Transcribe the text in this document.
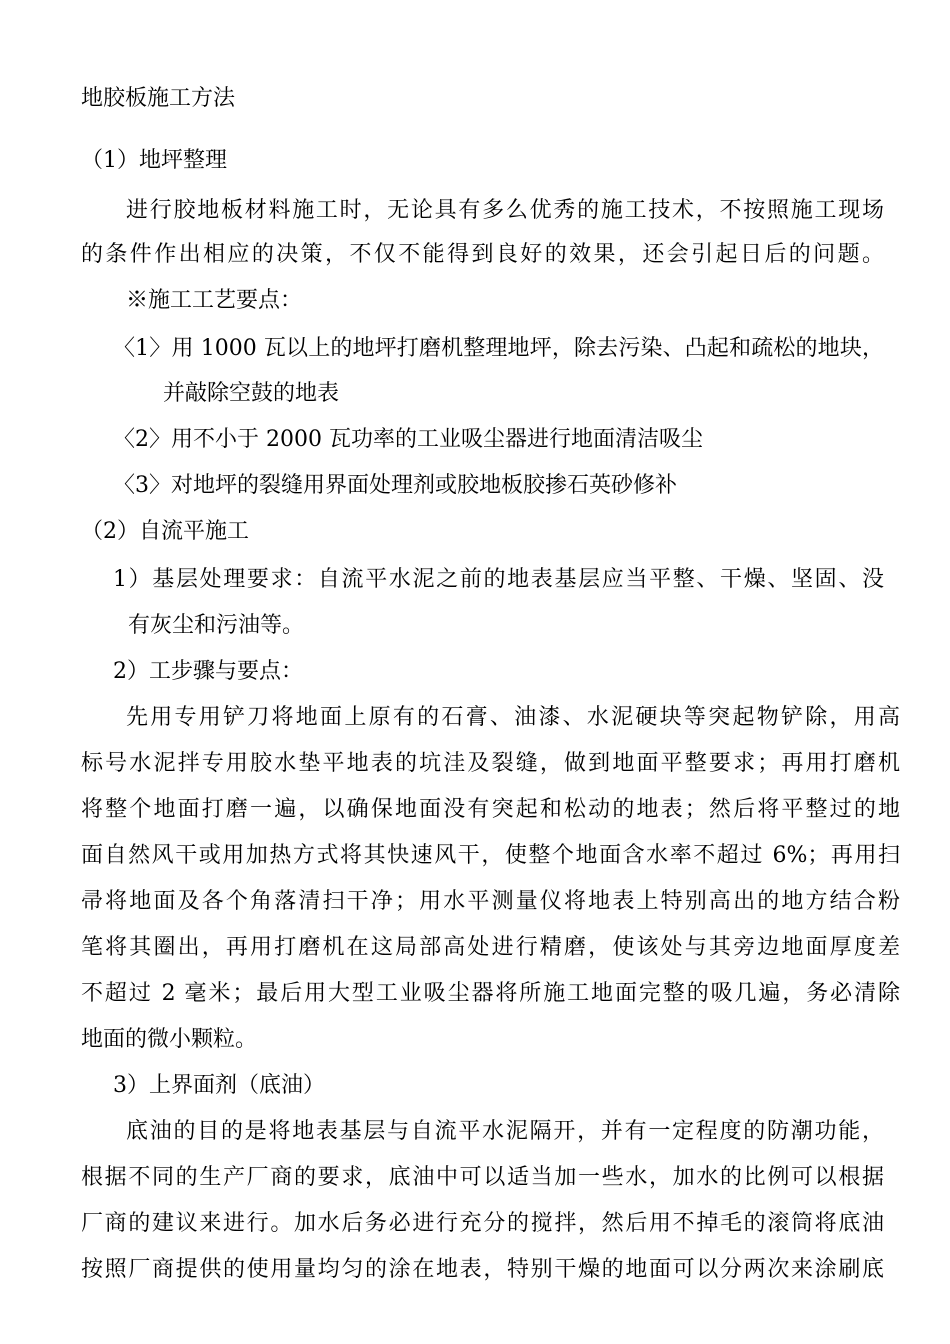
地胶板施工方法
（1）地坪整理
进行胶地板材料施工时，无论具有多么优秀的施工技术，不按照施工现场
的条件作出相应的决策，不仅不能得到良好的效果，还会引起日后的问题。
※施工工艺要点：
〈1〉用 1000 瓦以上的地坪打磨机整理地坪，除去污染、凸起和疏松的地块，
并敲除空鼓的地表
〈2〉用不小于 2000 瓦功率的工业吸尘器进行地面清洁吸尘
〈3〉对地坪的裂缝用界面处理剂或胶地板胶掺石英砂修补
（2）自流平施工
1）基层处理要求：自流平水泥之前的地表基层应当平整、干燥、坚固、没
有灰尘和污油等。
2）工步骤与要点：
先用专用铲刀将地面上原有的石膏、油漆、水泥硬块等突起物铲除，用高
标号水泥拌专用胶水垫平地表的坑洼及裂缝，做到地面平整要求；再用打磨机
将整个地面打磨一遍，以确保地面没有突起和松动的地表；然后将平整过的地
面自然风干或用加热方式将其快速风干，使整个地面含水率不超过 6%；再用扫
帚将地面及各个角落清扫干净；用水平测量仪将地表上特别高出的地方结合粉
笔将其圈出，再用打磨机在这局部高处进行精磨，使该处与其旁边地面厚度差
不超过 2 毫米；最后用大型工业吸尘器将所施工地面完整的吸几遍，务必清除
地面的微小颗粒。
3）上界面剂（底油）
底油的目的是将地表基层与自流平水泥隔开，并有一定程度的防潮功能，
根据不同的生产厂商的要求，底油中可以适当加一些水，加水的比例可以根据
厂商的建议来进行。加水后务必进行充分的搅拌，然后用不掉毛的滚筒将底油
按照厂商提供的使用量均匀的涂在地表，特别干燥的地面可以分两次来涂刷底
